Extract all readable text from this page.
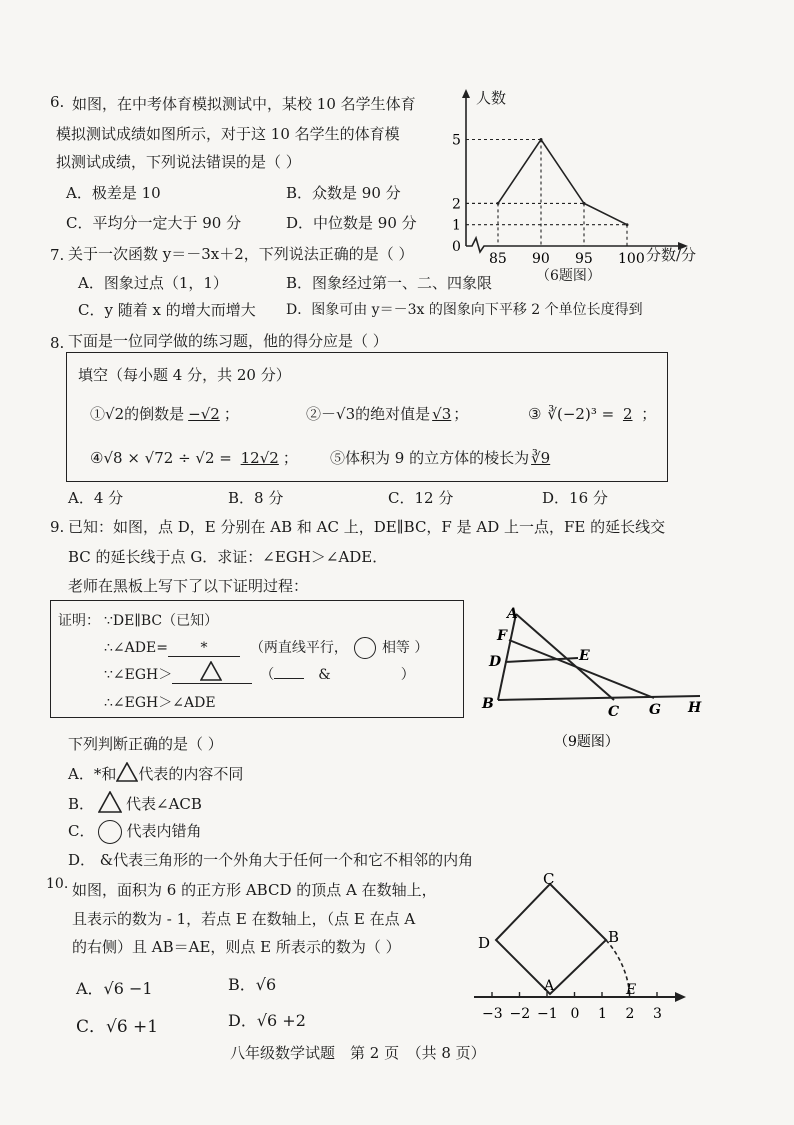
6. 如图，在中考体育模拟测试中，某校 10 名学生体育
模拟测试成绩如图所示，对于这 10 名学生的体育模
拟测试成绩，下列说法错误的是（ ）
A．极差是 10	B．众数是 90 分
C．平均分一定大于 90 分	D．中位数是 90 分
0
1
2
5
85 90 95 100
人数
分数/分
（6题图）
7. 关于一次函数 y＝－3x＋2，下列说法正确的是（ ）
A．图象过点（1，1）	B．图象经过第一、二、四象限
C．y 随着 x 的增大而增大 D．图象可由 y＝－3x 的图象向下平移 2 个单位长度得到
8. 下面是一位同学做的练习题，他的得分应是（ ）
填空（每小题 4 分，共 20 分）
①√2的倒数是 −√2 ；	②－√3的绝对值是 √3 ；	③ ∛(−2)³ = 2 ；
④√8 × √72 ÷ √2 = 12√2 ； ⑤体积为 9 的立方体的棱长为 ∛9
A．4 分	B．8 分	C．12 分	D．16 分
9. 已知：如图，点 D，E 分别在 AB 和 AC 上，DE∥BC，F 是 AD 上一点，FE 的延长线交
BC 的延长线于点 G．求证：∠EGH＞∠ADE．
老师在黑板上写下了以下证明过程：
证明： ∵DE∥BC（已知）
∴∠ADE= *	（两直线平行， 相等 ）
∵∠EGH＞	（	&	）
∴∠EGH＞∠ADE
A
F
D	E
B	C G H
（9题图）
下列判断正确的是（ ）
A．*和 代表的内容不同
B． 代表∠ACB
C． 代表内错角
D． &代表三角形的一个外角大于任何一个和它不相邻的内角
10. 如图，面积为 6 的正方形 ABCD 的顶点 A 在数轴上，
且表示的数为 - 1，若点 E 在数轴上，（点 E 在点 A
的右侧）且 AB＝AE，则点 E 所表示的数为（ ）
A．√6 −1	B．√6
C．√6 +1	D．√6 +2	−3 −2 −1 0 1 2 3
C
D	B
A	E
八年级数学试题　第 2 页　（共 8 页）
